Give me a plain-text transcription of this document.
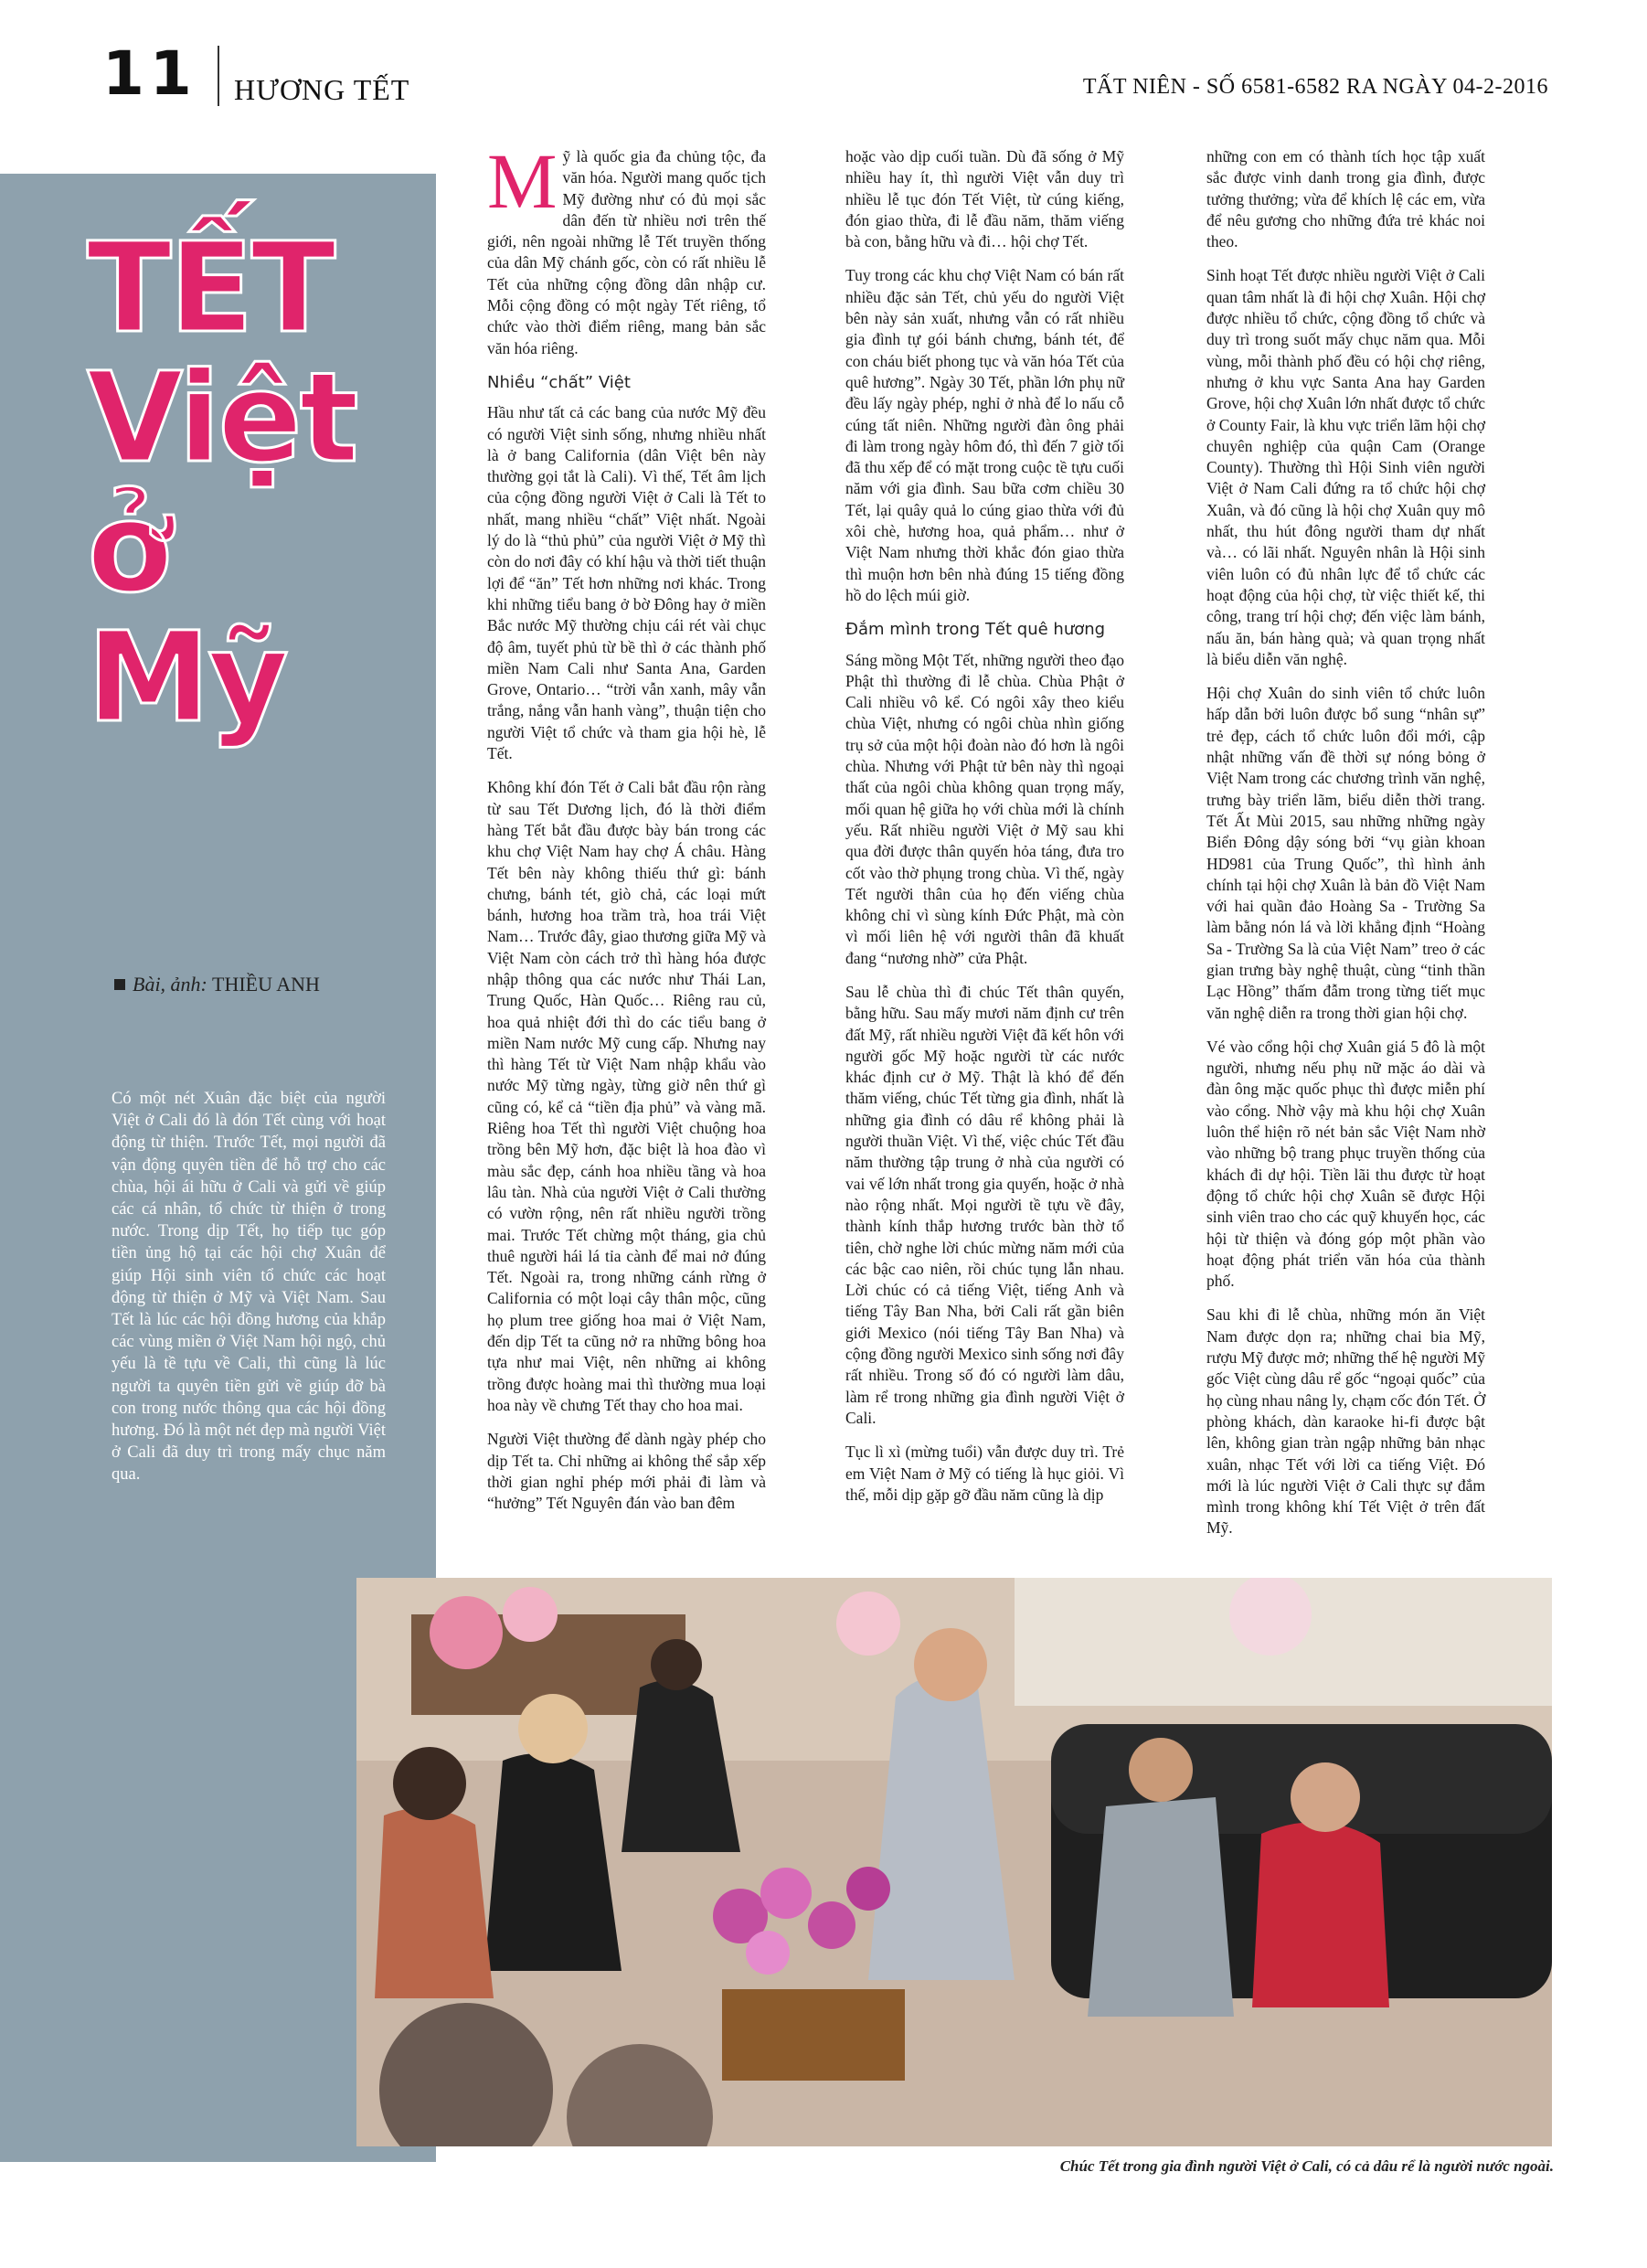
11 HƯƠNG TẾT	TẤT NIÊN - SỐ 6581-6582 RA NGÀY 04-2-2016
TẾT
Việt
ở
Mỹ
Bài, ảnh: THIỀU ANH
Có một nét Xuân đặc biệt của người Việt ở Cali đó là đón Tết cùng với hoạt động từ thiện. Trước Tết, mọi người đã vận động quyên tiền để hỗ trợ cho các chùa, hội ái hữu ở Cali và gửi về giúp các cá nhân, tổ chức từ thiện ở trong nước. Trong dịp Tết, họ tiếp tục góp tiền ủng hộ tại các hội chợ Xuân để giúp Hội sinh viên tổ chức các hoạt động từ thiện ở Mỹ và Việt Nam. Sau Tết là lúc các hội đồng hương của khắp các vùng miền ở Việt Nam hội ngộ, chủ yếu là tề tựu về Cali, thì cũng là lúc người ta quyên tiền gửi về giúp đỡ bà con trong nước thông qua các hội đồng hương. Đó là một nét đẹp mà người Việt ở Cali đã duy trì trong mấy chục năm qua.

Mỹ là quốc gia đa chủng tộc, đa văn hóa. Người mang quốc tịch Mỹ đường như có đủ mọi sắc dân đến từ nhiều nơi trên thế giới, nên ngoài những lễ Tết truyền thống của dân Mỹ chánh gốc, còn có rất nhiều lễ Tết của những cộng đồng dân nhập cư. Mỗi cộng đồng có một ngày Tết riêng, tổ chức vào thời điểm riêng, mang bản sắc văn hóa riêng.

Nhiều “chất” Việt

Hầu như tất cả các bang của nước Mỹ đều có người Việt sinh sống, nhưng nhiều nhất là ở bang California (dân Việt bên này thường gọi tắt là Cali). Vì thế, Tết âm lịch của cộng đồng người Việt ở Cali là Tết to nhất, mang nhiều “chất” Việt nhất. Ngoài lý do là “thủ phủ” của người Việt ở Mỹ thì còn do nơi đây có khí hậu và thời tiết thuận lợi để “ăn” Tết hơn những nơi khác. Trong khi những tiểu bang ở bờ Đông hay ở miền Bắc nước Mỹ thường chịu cái rét vài chục độ âm, tuyết phủ từ bề thì ở các thành phố miền Nam Cali như Santa Ana, Garden Grove, Ontario… “trời vẫn xanh, mây vẫn trắng, nắng vẫn hanh vàng”, thuận tiện cho người Việt tổ chức và tham gia hội hè, lễ Tết.

Không khí đón Tết ở Cali bắt đầu rộn ràng từ sau Tết Dương lịch, đó là thời điểm hàng Tết bắt đầu được bày bán trong các khu chợ Việt Nam hay chợ Á châu. Hàng Tết bên này không thiếu thứ gì: bánh chưng, bánh tét, giò chả, các loại mứt bánh, hương hoa trầm trà, hoa trái Việt Nam… Trước đây, giao thương giữa Mỹ và Việt Nam còn cách trở thì hàng hóa được nhập thông qua các nước như Thái Lan, Trung Quốc, Hàn Quốc… Riêng rau củ, hoa quả nhiệt đới thì do các tiểu bang ở miền Nam nước Mỹ cung cấp. Nhưng nay thì hàng Tết từ Việt Nam nhập khẩu vào nước Mỹ từng ngày, từng giờ nên thứ gì cũng có, kể cả “tiền địa phủ” và vàng mã. Riêng hoa Tết thì người Việt chuộng hoa trồng bên Mỹ hơn, đặc biệt là hoa đào vì màu sắc đẹp, cánh hoa nhiều tầng và hoa lâu tàn. Nhà của người Việt ở Cali thường có vườn rộng, nên rất nhiều người trồng mai. Trước Tết chừng một tháng, gia chủ thuê người hái lá tỉa cành để mai nở đúng Tết. Ngoài ra, trong những cánh rừng ở California có một loại cây thân mộc, cũng họ plum tree giống hoa mai ở Việt Nam, đến dịp Tết ta cũng nở ra những bông hoa tựa như mai Việt, nên những ai không trồng được hoàng mai thì thường mua loại hoa này về chưng Tết thay cho hoa mai.

Người Việt thường để dành ngày phép cho dịp Tết ta. Chỉ những ai không thể sắp xếp thời gian nghỉ phép mới phải đi làm và “hưởng” Tết Nguyên đán vào ban đêm

hoặc vào dịp cuối tuần. Dù đã sống ở Mỹ nhiều hay ít, thì người Việt vẫn duy trì nhiều lễ tục đón Tết Việt, từ cúng kiếng, đón giao thừa, đi lễ đầu năm, thăm viếng bà con, bằng hữu và đi… hội chợ Tết.

Tuy trong các khu chợ Việt Nam có bán rất nhiều đặc sản Tết, chủ yếu do người Việt bên này sản xuất, nhưng vẫn có rất nhiều gia đình tự gói bánh chưng, bánh tét, để con cháu biết phong tục và văn hóa Tết của quê hương”. Ngày 30 Tết, phần lớn phụ nữ đều lấy ngày phép, nghỉ ở nhà để lo nấu cỗ cúng tất niên. Những người đàn ông phải đi làm trong ngày hôm đó, thì đến 7 giờ tối đã thu xếp để có mặt trong cuộc tề tựu cuối năm với gia đình. Sau bữa cơm chiều 30 Tết, lại quây quả lo cúng giao thừa với đủ xôi chè, hương hoa, quả phẩm… như ở Việt Nam nhưng thời khắc đón giao thừa thì muộn hơn bên nhà đúng 15 tiếng đồng hồ do lệch múi giờ.

Đắm mình trong Tết quê hương

Sáng mồng Một Tết, những người theo đạo Phật thì thường đi lễ chùa. Chùa Phật ở Cali nhiều vô kể. Có ngôi xây theo kiểu chùa Việt, nhưng có ngôi chùa nhìn giống trụ sở của một hội đoàn nào đó hơn là ngôi chùa. Nhưng với Phật tử bên này thì ngoại thất của ngôi chùa không quan trọng mấy, mối quan hệ giữa họ với chùa mới là chính yếu. Rất nhiều người Việt ở Mỹ sau khi qua đời được thân quyến hỏa táng, đưa tro cốt vào thờ phụng trong chùa. Vì thế, ngày Tết người thân của họ đến viếng chùa không chỉ vì sùng kính Đức Phật, mà còn vì mối liên hệ với người thân đã khuất đang “nương nhờ” cửa Phật.

Sau lễ chùa thì đi chúc Tết thân quyến, bằng hữu. Sau mấy mươi năm định cư trên đất Mỹ, rất nhiều người Việt đã kết hôn với người gốc Mỹ hoặc người từ các nước khác định cư ở Mỹ. Thật là khó để đến thăm viếng, chúc Tết từng gia đình, nhất là những gia đình có dâu rể không phải là người thuần Việt. Vì thế, việc chúc Tết đầu năm thường tập trung ở nhà của người có vai vế lớn nhất trong gia quyến, hoặc ở nhà nào rộng nhất. Mọi người tề tựu về đây, thành kính thắp hương trước bàn thờ tổ tiên, chờ nghe lời chúc mừng năm mới của các bậc cao niên, rồi chúc tụng lẫn nhau. Lời chúc có cả tiếng Việt, tiếng Anh và tiếng Tây Ban Nha, bởi Cali rất gần biên giới Mexico (nói tiếng Tây Ban Nha) và cộng đồng người Mexico sinh sống nơi đây rất nhiều. Trong số đó có người làm dâu, làm rể trong những gia đình người Việt ở Cali.

Tục lì xì (mừng tuổi) vẫn được duy trì. Trẻ em Việt Nam ở Mỹ có tiếng là hục giỏi. Vì thế, mỗi dịp gặp gỡ đầu năm cũng là dịp

những con em có thành tích học tập xuất sắc được vinh danh trong gia đình, được tưởng thưởng; vừa để khích lệ các em, vừa để nêu gương cho những đứa trẻ khác noi theo.

Sinh hoạt Tết được nhiều người Việt ở Cali quan tâm nhất là đi hội chợ Xuân. Hội chợ được nhiều tổ chức, cộng đồng tổ chức và duy trì trong suốt mấy chục năm qua. Mỗi vùng, mỗi thành phố đều có hội chợ riêng, nhưng ở khu vực Santa Ana hay Garden Grove, hội chợ Xuân lớn nhất được tổ chức ở County Fair, là khu vực triển lãm hội chợ chuyên nghiệp của quận Cam (Orange County). Thường thì Hội Sinh viên người Việt ở Nam Cali đứng ra tổ chức hội chợ Xuân, và đó cũng là hội chợ Xuân quy mô nhất, thu hút đông người tham dự nhất và… có lãi nhất. Nguyên nhân là Hội sinh viên luôn có đủ nhân lực để tổ chức các hoạt động của hội chợ, từ việc thiết kế, thi công, trang trí hội chợ; đến việc làm bánh, nấu ăn, bán hàng quà; và quan trọng nhất là biểu diễn văn nghệ.

Hội chợ Xuân do sinh viên tổ chức luôn hấp dẫn bởi luôn được bổ sung “nhân sự” trẻ đẹp, cách tổ chức luôn đổi mới, cập nhật những vấn đề thời sự nóng bỏng ở Việt Nam trong các chương trình văn nghệ, trưng bày triển lãm, biểu diễn thời trang. Tết Ất Mùi 2015, sau những những ngày Biển Đông dậy sóng bởi “vụ giàn khoan HD981 của Trung Quốc”, thì hình ảnh chính tại hội chợ Xuân là bản đồ Việt Nam với hai quần đảo Hoàng Sa - Trường Sa làm bằng nón lá và lời khẳng định “Hoàng Sa - Trường Sa là của Việt Nam” treo ở các gian trưng bày nghệ thuật, cùng “tinh thần Lạc Hồng” thấm đẫm trong từng tiết mục văn nghệ diễn ra trong thời gian hội chợ.

Vé vào cổng hội chợ Xuân giá 5 đô là một người, nhưng nếu phụ nữ mặc áo dài và đàn ông mặc quốc phục thì được miễn phí vào cổng. Nhờ vậy mà khu hội chợ Xuân luôn thể hiện rõ nét bản sắc Việt Nam nhờ vào những bộ trang phục truyền thống của khách đi dự hội. Tiền lãi thu được từ hoạt động tổ chức hội chợ Xuân sẽ được Hội sinh viên trao cho các quỹ khuyến học, các hội từ thiện và đóng góp một phần vào hoạt động phát triển văn hóa của thành phố.

Sau khi đi lễ chùa, những món ăn Việt Nam được dọn ra; những chai bia Mỹ, rượu Mỹ được mở; những thế hệ người Mỹ gốc Việt cùng dâu rể gốc “ngoại quốc” của họ cùng nhau nâng ly, chạm cốc đón Tết. Ở phòng khách, dàn karaoke hi-fi được bật lên, không gian tràn ngập những bản nhạc xuân, nhạc Tết với lời ca tiếng Việt. Đó mới là lúc người Việt ở Cali thực sự đắm mình trong không khí Tết Việt ở trên đất Mỹ.

Chúc Tết trong gia đình người Việt ở Cali, có cả dâu rể là người nước ngoài.
